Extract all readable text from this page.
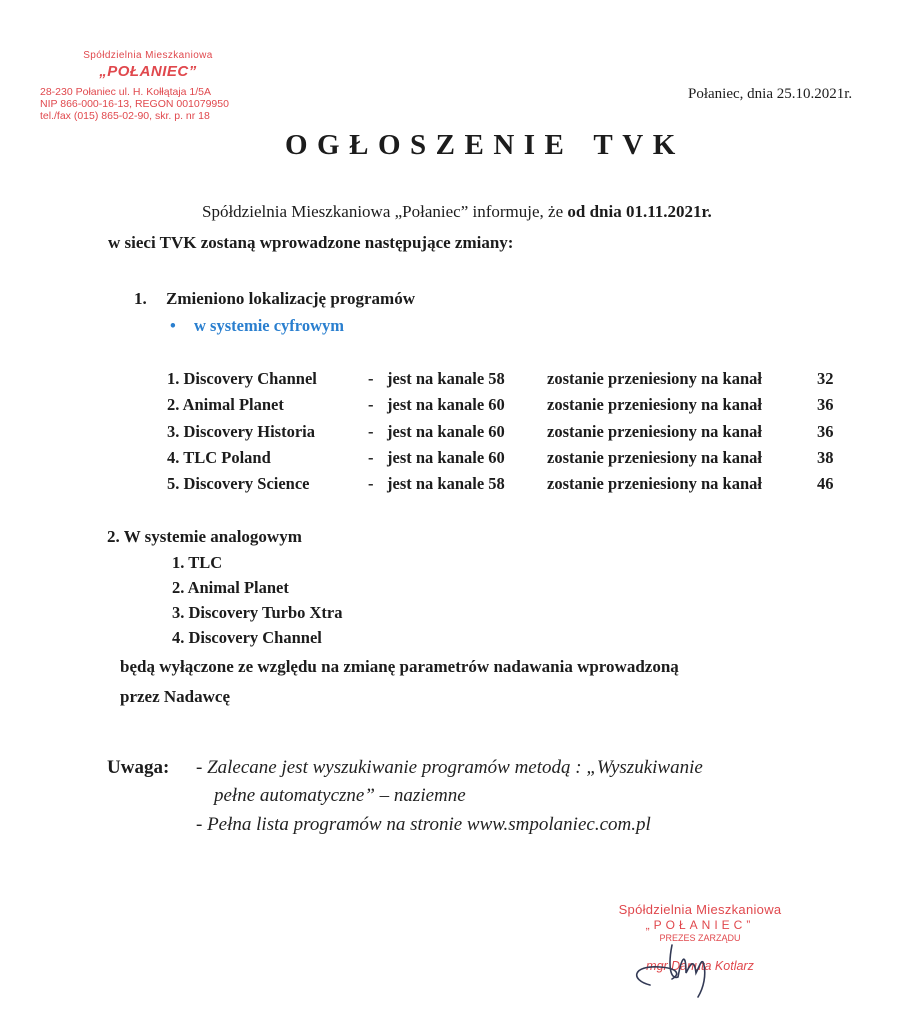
Spółdzielnia Mieszkaniowa
„POŁANIEC”
28-230 Połaniec ul. H. Kołłątaja 1/5A
NIP 866-000-16-13, REGON 001079950
tel./fax (015) 865-02-90, skr. p. nr 18
Połaniec, dnia 25.10.2021r.
OGŁOSZENIE TVK
Spółdzielnia Mieszkaniowa „Połaniec” informuje, że od dnia 01.11.2021r.
w sieci TVK zostaną wprowadzone następujące zmiany:
1. Zmieniono lokalizację programów
• w systemie cyfrowym
1. Discovery Channel	- jest na kanale 58	zostanie przeniesiony na kanał	32
2. Animal Planet	- jest na kanale 60	zostanie przeniesiony na kanał	36
3. Discovery Historia	- jest na kanale 60	zostanie przeniesiony na kanał	36
4. TLC Poland	- jest na kanale 60	zostanie przeniesiony na kanał	38
5. Discovery Science	- jest na kanale 58	zostanie przeniesiony na kanał	46
2. W systemie analogowym
1. TLC
2. Animal Planet
3. Discovery Turbo Xtra
4. Discovery Channel
będą wyłączone ze względu na zmianę parametrów nadawania wprowadzoną
przez Nadawcę
Uwaga: - Zalecane jest wyszukiwanie programów metodą : „Wyszukiwanie
pełne automatyczne” – naziemne
- Pełna lista programów na stronie www.smpolaniec.com.pl
Spółdzielnia Mieszkaniowa
„POŁANIEC”
PREZES ZARZĄDU
mgr Danuta Kotlarz
